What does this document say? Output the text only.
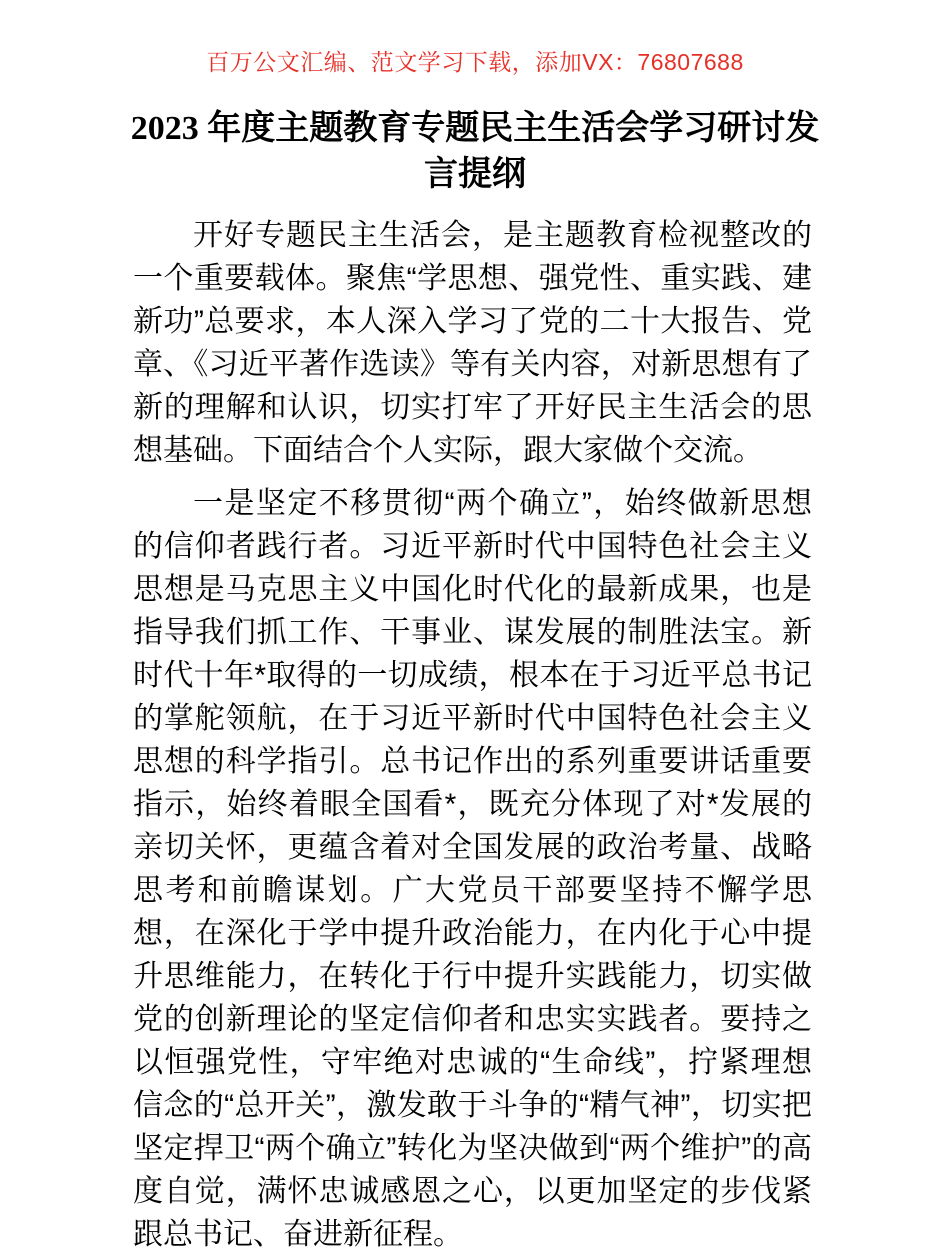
百万公文汇编、范文学习下载，添加VX：76807688
2023 年度主题教育专题民主生活会学习研讨发
言提纲

开好专题民主生活会，是主题教育检视整改的一个重要载体。聚焦“学思想、强党性、重实践、建新功”总要求，本人深入学习了党的二十大报告、党章、《习近平著作选读》等有关内容，对新思想有了新的理解和认识，切实打牢了开好民主生活会的思想基础。下面结合个人实际，跟大家做个交流。

一是坚定不移贯彻“两个确立”，始终做新思想的信仰者践行者。习近平新时代中国特色社会主义思想是马克思主义中国化时代化的最新成果，也是指导我们抓工作、干事业、谋发展的制胜法宝。新时代十年*取得的一切成绩，根本在于习近平总书记的掌舵领航，在于习近平新时代中国特色社会主义思想的科学指引。总书记作出的系列重要讲话重要指示，始终着眼全国看*，既充分体现了对*发展的亲切关怀，更蕴含着对全国发展的政治考量、战略思考和前瞻谋划。广大党员干部要坚持不懈学思想，在深化于学中提升政治能力，在内化于心中提升思维能力，在转化于行中提升实践能力，切实做党的创新理论的坚定信仰者和忠实实践者。要持之以恒强党性，守牢绝对忠诚的“生命线”，拧紧理想信念的“总开关”，激发敢于斗争的“精气神”，切实把坚定捍卫“两个确立”转化为坚决做到“两个维护”的高度自觉，满怀忠诚感恩之心，以更加坚定的步伐紧跟总书记、奋进新征程。
